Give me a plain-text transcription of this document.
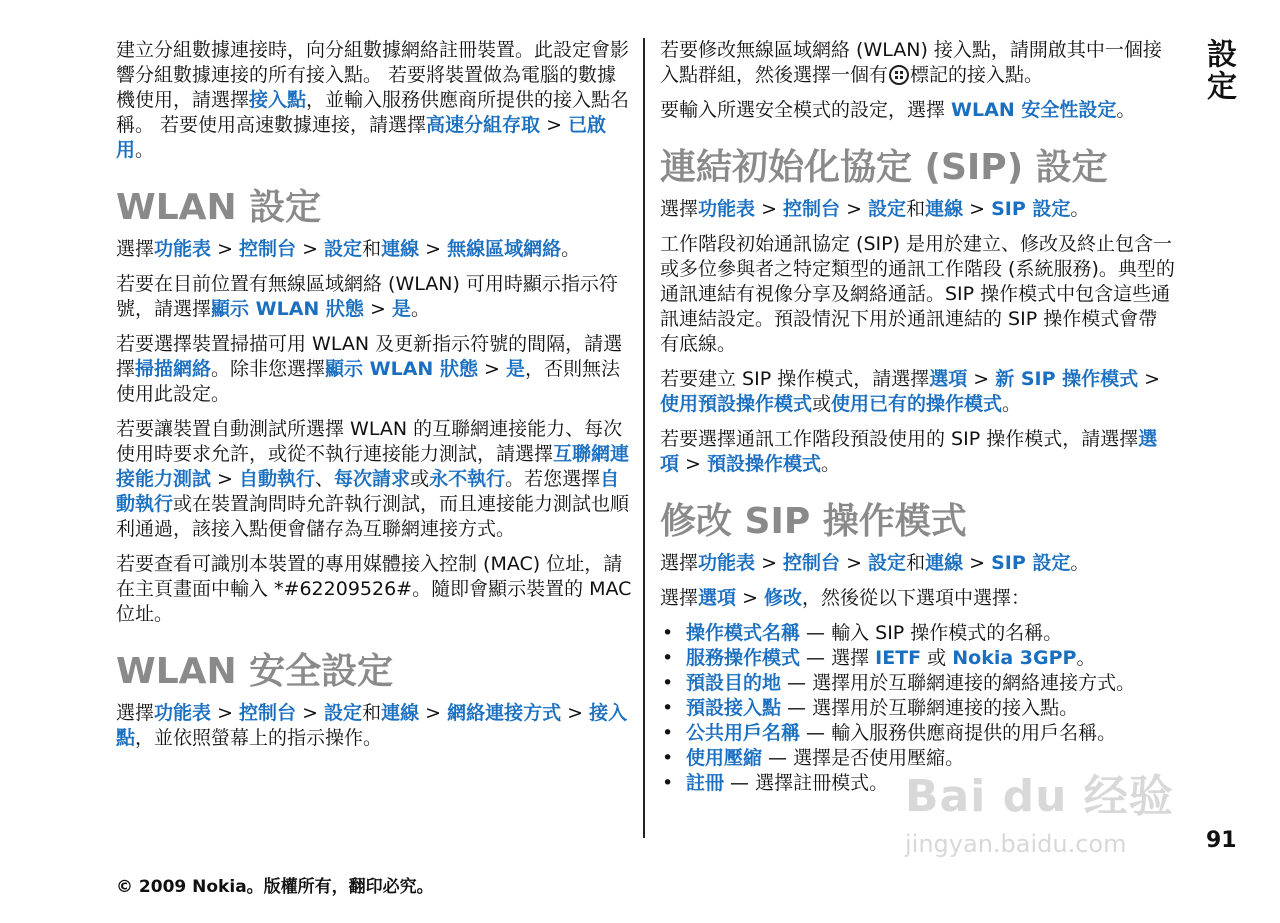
設定

建立分組數據連接時，向分組數據網絡註冊裝置。此設定會影響分組數據連接的所有接入點。 若要將裝置做為電腦的數據機使用，請選擇接入點，並輸入服務供應商所提供的接入點名稱。 若要使用高速數據連接，請選擇高速分組存取 > 已啟用。

WLAN 設定

選擇功能表 > 控制台 > 設定和連線 > 無線區域網絡。

若要在目前位置有無線區域網絡 (WLAN) 可用時顯示指示符號，請選擇顯示 WLAN 狀態 > 是。

若要選擇裝置掃描可用 WLAN 及更新指示符號的間隔，請選擇掃描網絡。除非您選擇顯示 WLAN 狀態 > 是，否則無法使用此設定。

若要讓裝置自動測試所選擇 WLAN 的互聯網連接能力、每次使用時要求允許，或從不執行連接能力測試，請選擇互聯網連接能力測試 > 自動執行、每次請求或永不執行。若您選擇自動執行或在裝置詢問時允許執行測試，而且連接能力測試也順利通過，該接入點便會儲存為互聯網連接方式。

若要查看可識別本裝置的專用媒體接入控制 (MAC) 位址，請在主頁畫面中輸入 *#62209526#。隨即會顯示裝置的 MAC 位址。

WLAN 安全設定

選擇功能表 > 控制台 > 設定和連線 > 網絡連接方式 > 接入點，並依照螢幕上的指示操作。

若要修改無線區域網絡 (WLAN) 接入點，請開啟其中一個接入點群組，然後選擇一個有 標記的接入點。

要輸入所選安全模式的設定，選擇 WLAN 安全性設定。

連結初始化協定 (SIP) 設定

選擇功能表 > 控制台 > 設定和連線 > SIP 設定。

工作階段初始通訊協定 (SIP) 是用於建立、修改及終止包含一或多位參與者之特定類型的通訊工作階段 (系統服務)。典型的通訊連結有視像分享及網絡通話。SIP 操作模式中包含這些通訊連結設定。預設情況下用於通訊連結的 SIP 操作模式會帶有底線。

若要建立 SIP 操作模式，請選擇選項 > 新 SIP 操作模式 > 使用預設操作模式或使用已有的操作模式。

若要選擇通訊工作階段預設使用的 SIP 操作模式，請選擇選項 > 預設操作模式。

修改 SIP 操作模式

選擇功能表 > 控制台 > 設定和連線 > SIP 設定。

選擇選項 > 修改，然後從以下選項中選擇：

• 操作模式名稱 — 輸入 SIP 操作模式的名稱。
• 服務操作模式 — 選擇 IETF 或 Nokia 3GPP。
• 預設目的地 — 選擇用於互聯網連接的網絡連接方式。
• 預設接入點 — 選擇用於互聯網連接的接入點。
• 公共用戶名稱 — 輸入服務供應商提供的用戶名稱。
• 使用壓縮 — 選擇是否使用壓縮。
• 註冊 — 選擇註冊模式。 Bai du 经验
jingyan.baidu.com	91
© 2009 Nokia。版權所有，翻印必究。
